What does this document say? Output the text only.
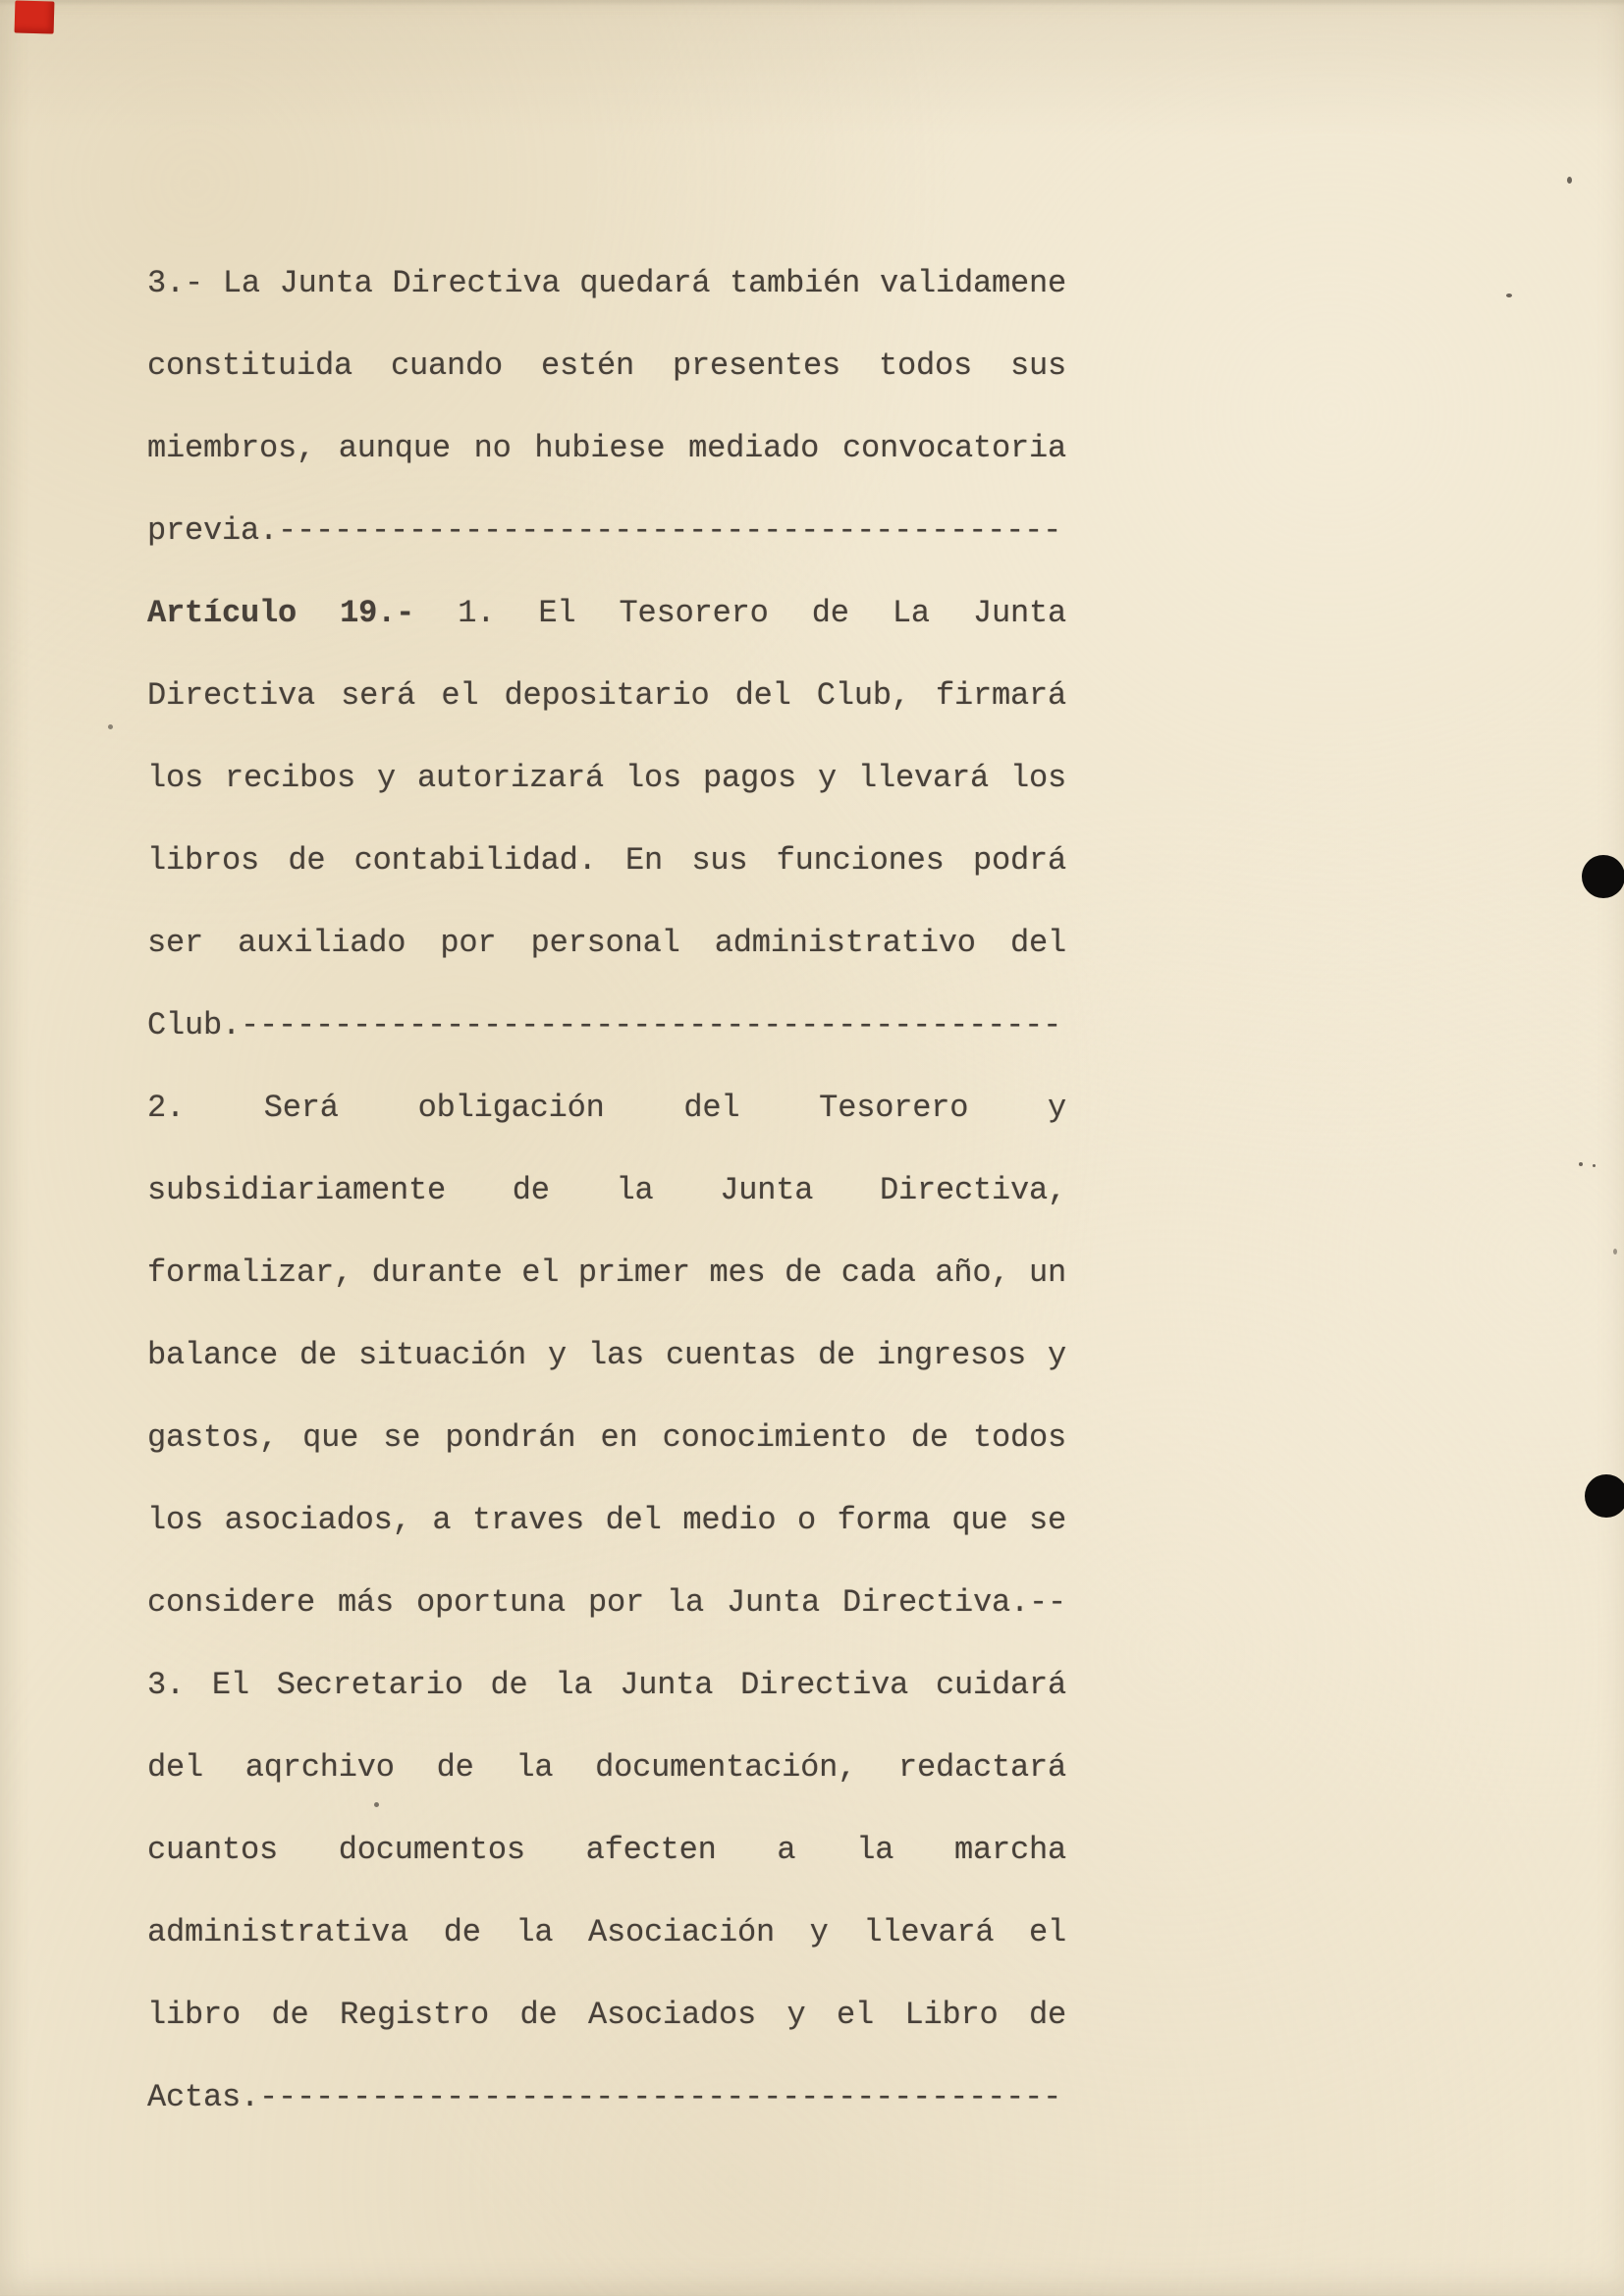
3.- La Junta Directiva quedará también validamene
constituida cuando estén presentes todos sus
miembros, aunque no hubiese mediado convocatoria
previa.------------------------------------------
Artículo 19.- 1. El Tesorero de La Junta
Directiva será el depositario del Club, firmará
los recibos y autorizará los pagos y llevará los
libros de contabilidad. En sus funciones podrá
ser auxiliado por personal administrativo del
Club.--------------------------------------------
2. Será obligación del Tesorero y
subsidiariamente de la Junta Directiva,
formalizar, durante el primer mes de cada año, un
balance de situación y las cuentas de ingresos y
gastos, que se pondrán en conocimiento de todos
los asociados, a traves del medio o forma que se
considere más oportuna por la Junta Directiva.--
3. El Secretario de la Junta Directiva cuidará
del aqrchivo de la documentación, redactará
cuantos documentos afecten a la marcha
administrativa de la Asociación y llevará el
libro de Registro de Asociados y el Libro de
Actas.-------------------------------------------
